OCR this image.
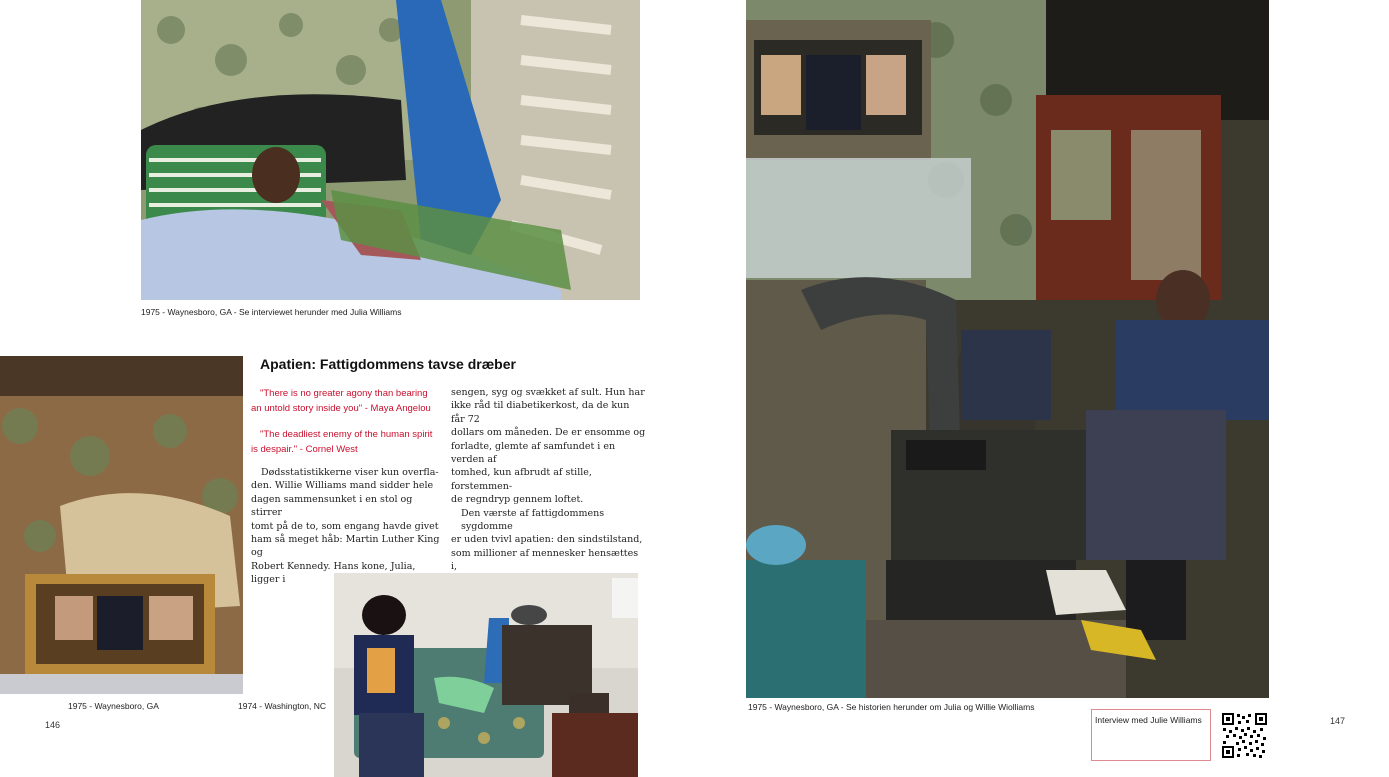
1975 - Waynesboro, GA - Se interviewet herunder med Julia Williams
1975 - Waynesboro, GA	1974 - Washington, NC
146
Apatien: Fattigdommens tavse dræber
"There is no greater agony than bearing
an untold story inside you" - Maya Angelou
"The deadliest enemy of the human spirit
is despair." - Cornel West
Dødsstatistikkerne viser kun overfla-
den. Willie Williams mand sidder hele
dagen sammensunket i en stol og stirrer
tomt på de to, som engang havde givet
ham så meget håb: Martin Luther King og
Robert Kennedy. Hans kone, Julia, ligger i
sengen, syg og svækket af sult. Hun har
ikke råd til diabetikerkost, da de kun får 72
dollars om måneden. De er ensomme og
forladte, glemte af samfundet i en verden af
tomhed, kun afbrudt af stille, forstemmen-
de regndryp gennem loftet.
Den værste af fattigdommens sygdomme
er uden tvivl apatien: den sindstilstand,
som millioner af mennesker hensættes i,
1975 - Waynesboro, GA - Se historien herunder om Julia og Willie Wiolliams
Interview med Julie Williams	147
